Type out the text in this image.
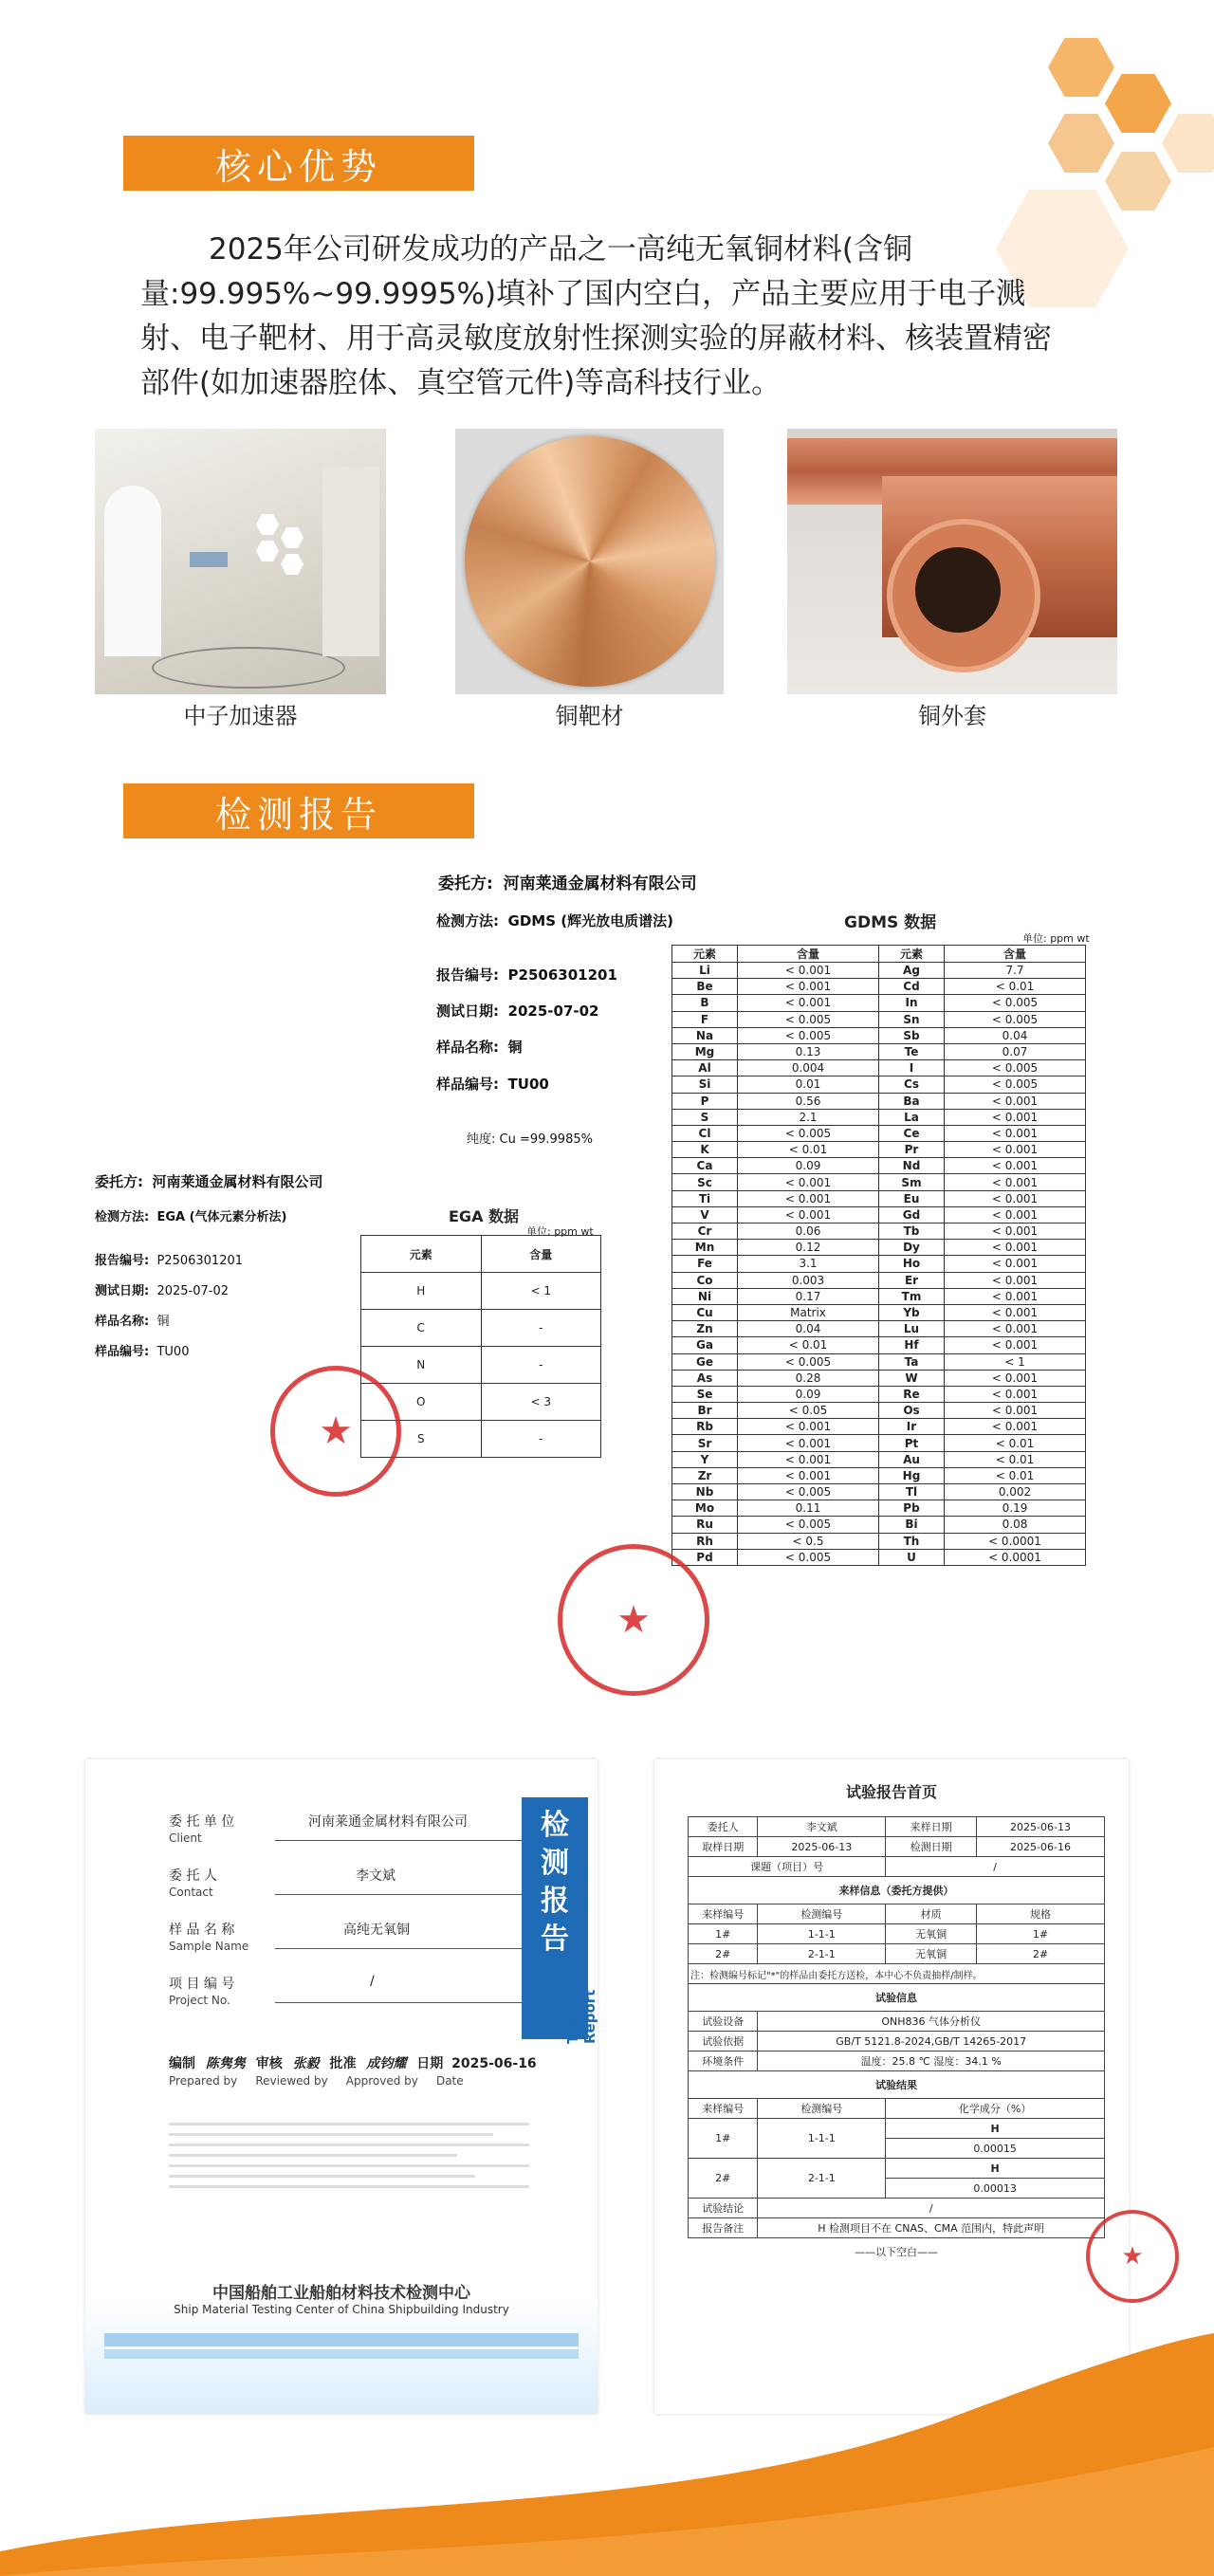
核心优势
2025年公司研发成功的产品之一高纯无氧铜材料(含铜量:99.995%~99.9995%)填补了国内空白，产品主要应用于电子溅射、电子靶材、用于高灵敏度放射性探测实验的屏蔽材料、核装置精密部件(如加速器腔体、真空管元件)等高科技行业。
中子加速器	铜靶材	铜外套
检测报告
委托方: 河南莱通金属材料有限公司
检测方法: GDMS (辉光放电质谱法)
报告编号: P2506301201
测试日期: 2025-07-02
样品名称: 铜
样品编号: TU00
纯度: Cu =99.9985%
GDMS 数据
单位: ppm wt
元素	含量	元素	含量
Li	< 0.001	Ag	7.7
Be	< 0.001	Cd	< 0.01
B	< 0.001	In	< 0.005
F	< 0.005	Sn	< 0.005
Na	< 0.005	Sb	0.04
Mg	0.13	Te	0.07
Al	0.004	I	< 0.005
Si	0.01	Cs	< 0.005
P	0.56	Ba	< 0.001
S	2.1	La	< 0.001
Cl	< 0.005	Ce	< 0.001
K	< 0.01	Pr	< 0.001
Ca	0.09	Nd	< 0.001
Sc	< 0.001	Sm	< 0.001
Ti	< 0.001	Eu	< 0.001
V	< 0.001	Gd	< 0.001
Cr	0.06	Tb	< 0.001
Mn	0.12	Dy	< 0.001
Fe	3.1	Ho	< 0.001
Co	0.003	Er	< 0.001
Ni	0.17	Tm	< 0.001
Cu	Matrix	Yb	< 0.001
Zn	0.04	Lu	< 0.001
Ga	< 0.01	Hf	< 0.001
Ge	< 0.005	Ta	< 1
As	0.28	W	< 0.001
Se	0.09	Re	< 0.001
Br	< 0.05	Os	< 0.001
Rb	< 0.001	Ir	< 0.001
Sr	< 0.001	Pt	< 0.01
Y	< 0.001	Au	< 0.01
Zr	< 0.001	Hg	< 0.01
Nb	< 0.005	Tl	0.002
Mo	0.11	Pb	0.19
Ru	< 0.005	Bi	0.08
Rh	< 0.5	Th	< 0.0001
Pd	< 0.005	U	< 0.0001
委托方: 河南莱通金属材料有限公司
检测方法: EGA (气体元素分析法)
报告编号: P2506301201
测试日期: 2025-07-02
样品名称: 铜
样品编号: TU00
EGA 数据
单位: ppm wt
元素	含量
H	< 1
C	-
N	-
O	< 3
S	-
★
★
委 托 单 位
Client
河南莱通金属材料有限公司
委 托 人
Contact
李文斌
样 品 名 称
Sample Name
高纯无氧铜
项 目 编 号
Project No.
/
检测报告
Test Report
编制 陈隽隽 审核 张毅 批准 成钧耀 日期 2025-06-16
Prepared by Reviewed by Approved by Date
中国船舶工业船舶材料技术检测中心
Ship Material Testing Center of China Shipbuilding Industry
试验报告首页
委托人	李文斌	来样日期	2025-06-13
取样日期	2025-06-13	检测日期	2025-06-16
课题（项目）号		/	
来样信息（委托方提供）			
来样编号	检测编号	材质	规格
1#	1-1-1	无氧铜	1#
2#	2-1-1	无氧铜	2#
注：检测编号标记"*"的样品由委托方送检，本中心不负责抽样/制样。			
试验信息			
试验设备	ONH836 气体分析仪		
试验依据	GB/T 5121.8-2024,GB/T 14265-2017		
环境条件	温度：25.8 ℃ 湿度：34.1 %		
试验结果			
来样编号	检测编号	化学成分（%）	
1#	1-1-1	H	
		0.00015	
2#	2-1-1	H	
		0.00013	
试验结论	/		
报告备注	H 检测项目不在 CNAS、CMA 范围内，特此声明		
——以下空白——	★
